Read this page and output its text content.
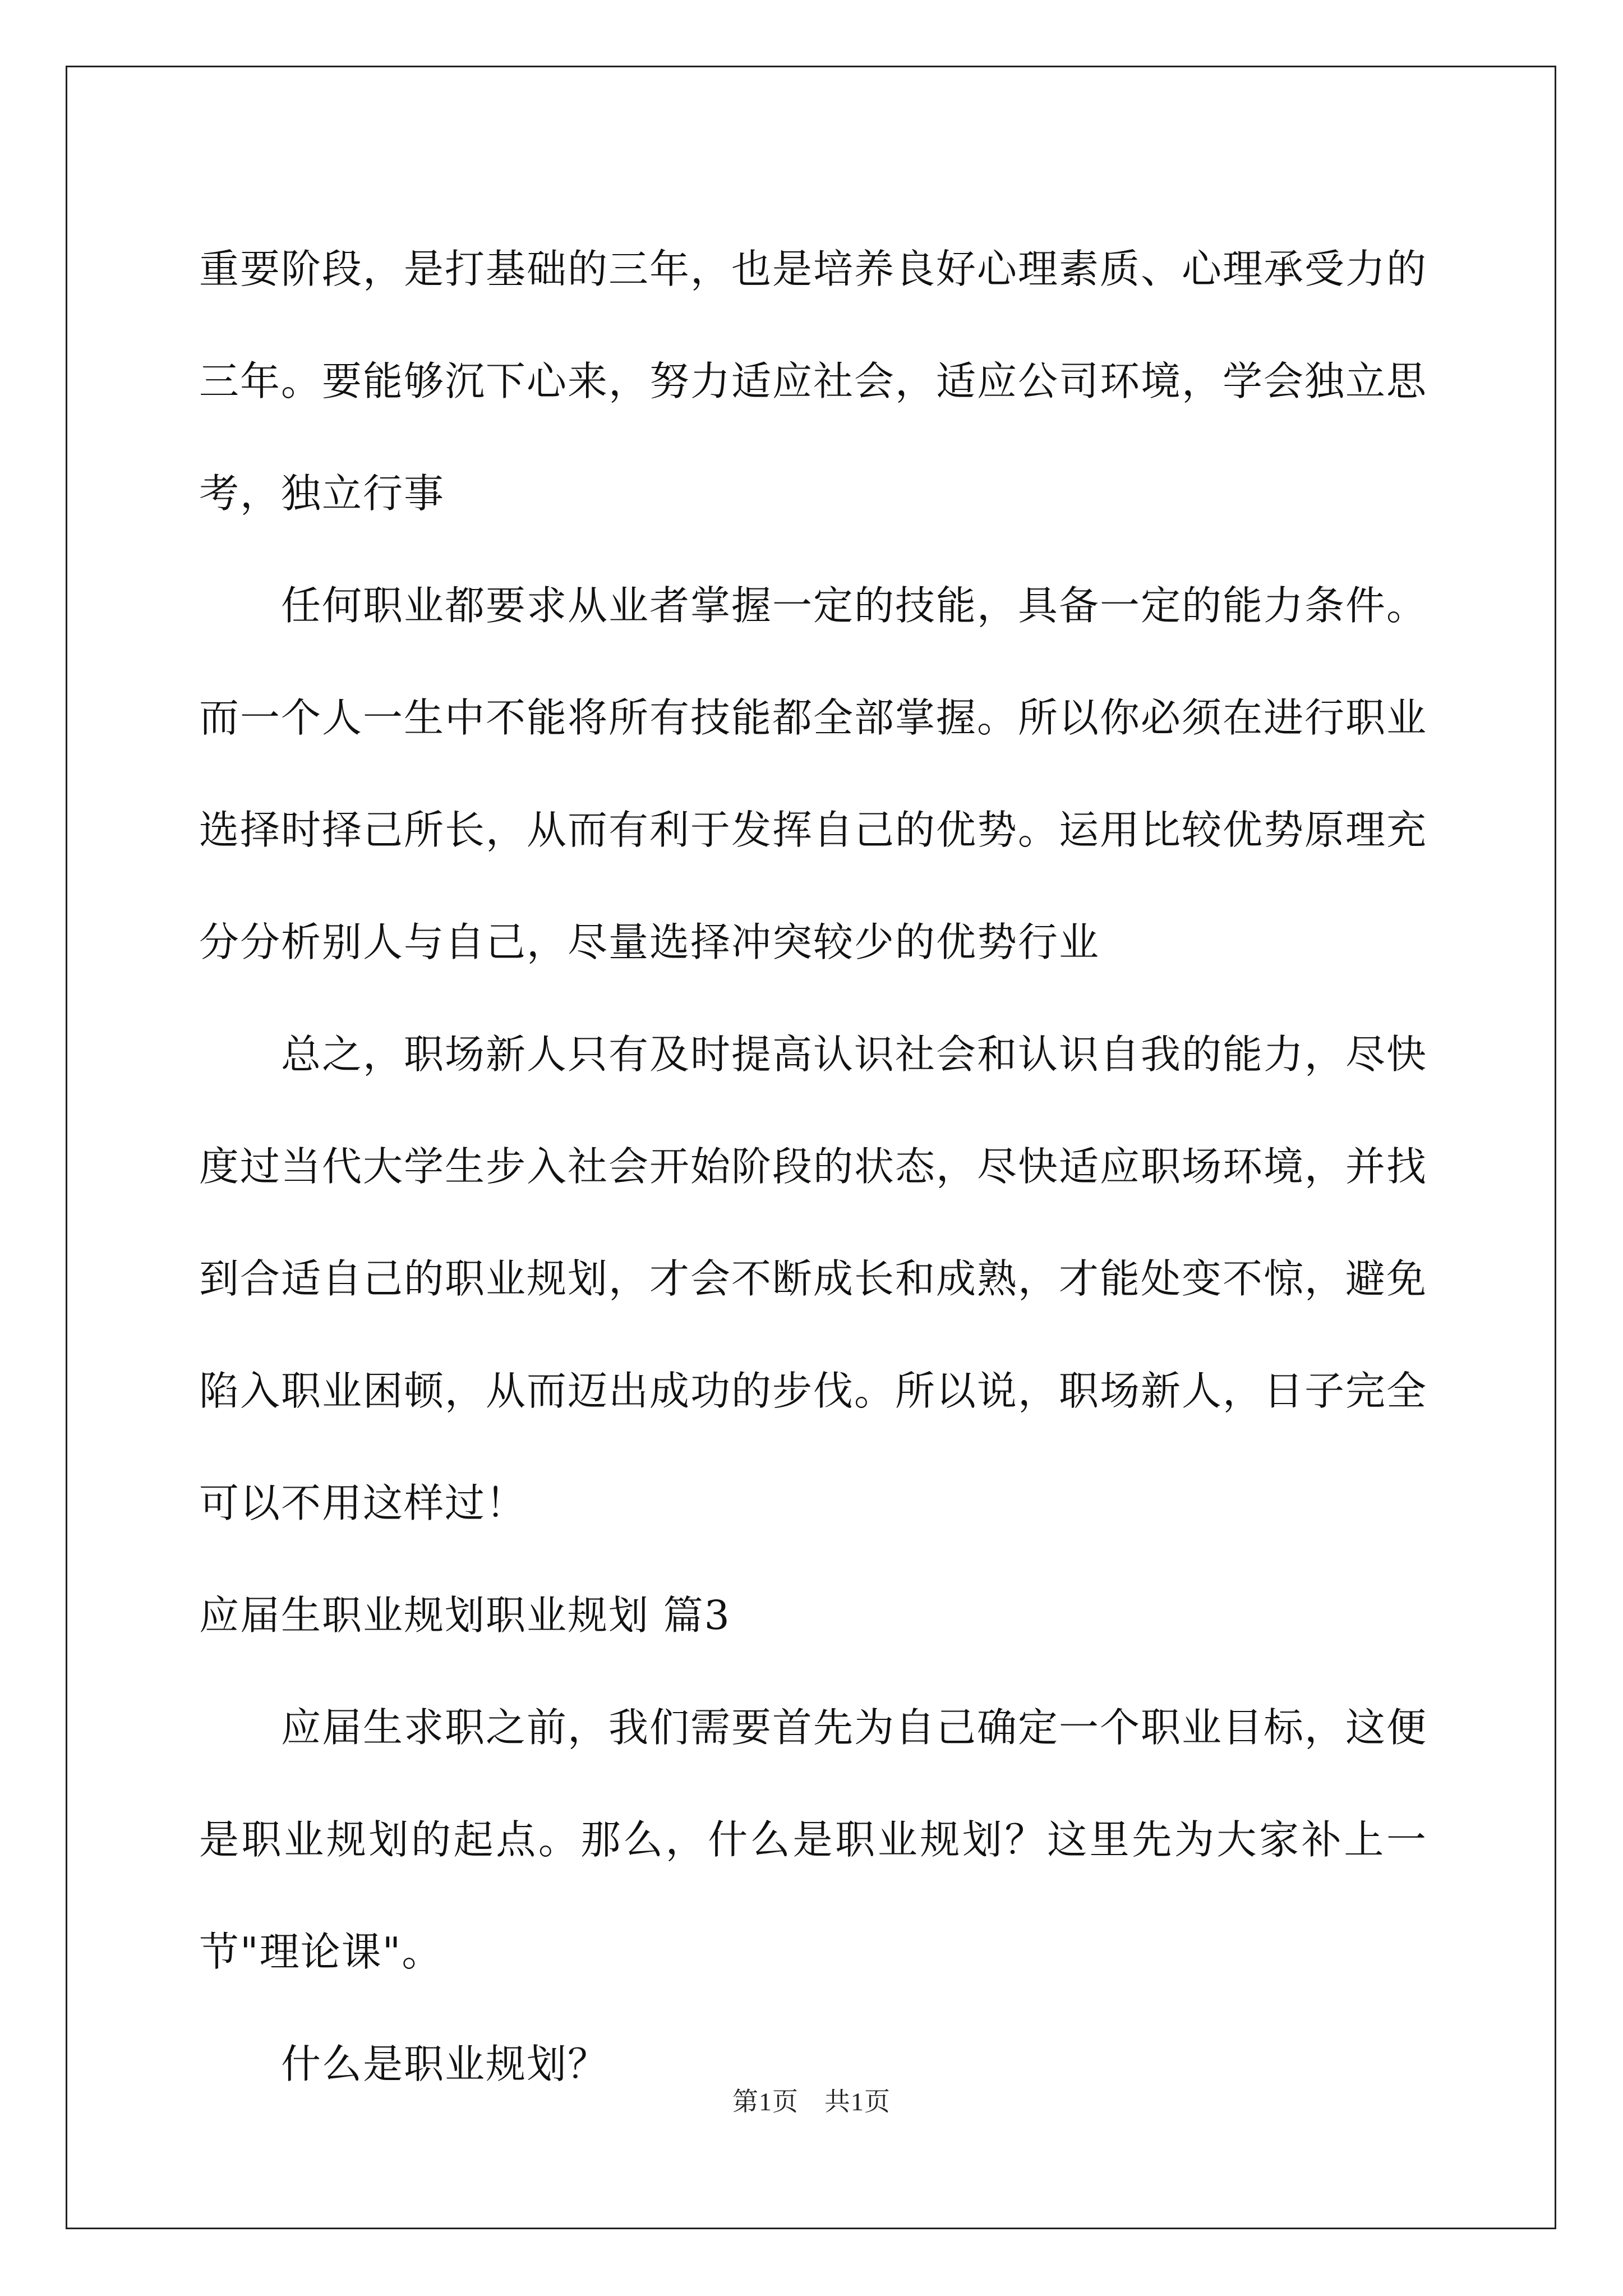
重要阶段，是打基础的三年，也是培养良好心理素质、心理承受力的三年。要能够沉下心来，努力适应社会，适应公司环境，学会独立思考，独立行事

任何职业都要求从业者掌握一定的技能，具备一定的能力条件。而一个人一生中不能将所有技能都全部掌握。所以你必须在进行职业选择时择己所长，从而有利于发挥自己的优势。运用比较优势原理充分分析别人与自己，尽量选择冲突较少的优势行业

总之，职场新人只有及时提高认识社会和认识自我的能力，尽快度过当代大学生步入社会开始阶段的状态，尽快适应职场环境，并找到合适自己的职业规划，才会不断成长和成熟，才能处变不惊，避免陷入职业困顿，从而迈出成功的步伐。所以说，职场新人，日子完全可以不用这样过！

应届生职业规划职业规划 篇3

应届生求职之前，我们需要首先为自己确定一个职业目标，这便是职业规划的起点。那么，什么是职业规划？这里先为大家补上一节"理论课"。

什么是职业规划？

第1页 共1页
